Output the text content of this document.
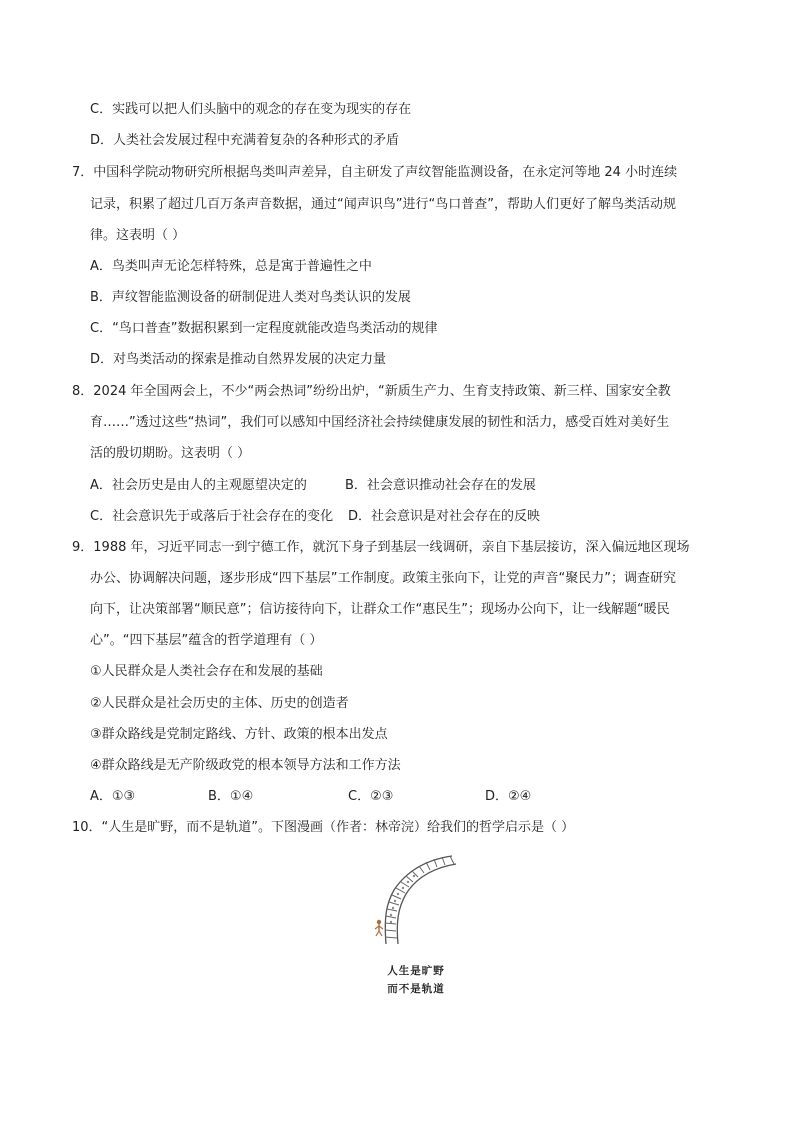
C．实践可以把人们头脑中的观念的存在变为现实的存在
D．人类社会发展过程中充满着复杂的各种形式的矛盾
7．中国科学院动物研究所根据鸟类叫声差异，自主研发了声纹智能监测设备，在永定河等地 24 小时连续
记录，积累了超过几百万条声音数据，通过“闻声识鸟”进行“鸟口普查”，帮助人们更好了解鸟类活动规
律。这表明（ ）
A．鸟类叫声无论怎样特殊，总是寓于普遍性之中
B．声纹智能监测设备的研制促进人类对鸟类认识的发展
C．“鸟口普查”数据积累到一定程度就能改造鸟类活动的规律
D．对鸟类活动的探索是推动自然界发展的决定力量
8．2024 年全国两会上，不少“两会热词”纷纷出炉，“新质生产力、生育支持政策、新三样、国家安全教
育……”透过这些“热词”，我们可以感知中国经济社会持续健康发展的韧性和活力，感受百姓对美好生
活的殷切期盼。这表明（ ）
A．社会历史是由人的主观愿望决定的	B．社会意识推动社会存在的发展
C．社会意识先于或落后于社会存在的变化 D．社会意识是对社会存在的反映
9．1988 年，习近平同志一到宁德工作，就沉下身子到基层一线调研，亲自下基层接访，深入偏远地区现场
办公、协调解决问题，逐步形成“四下基层”工作制度。政策主张向下，让党的声音“聚民力”；调查研究
向下，让决策部署“顺民意”；信访接待向下，让群众工作“惠民生”；现场办公向下，让一线解题“暖民
心”。“四下基层”蕴含的哲学道理有（ ）
①人民群众是人类社会存在和发展的基础
②人民群众是社会历史的主体、历史的创造者
③群众路线是党制定路线、方针、政策的根本出发点
④群众路线是无产阶级政党的根本领导方法和工作方法
A．①③	B．①④	C．②③	D．②④
10．“人生是旷野，而不是轨道”。下图漫画（作者：林帝浣）给我们的哲学启示是（ ）
人生是旷野
而不是轨道
